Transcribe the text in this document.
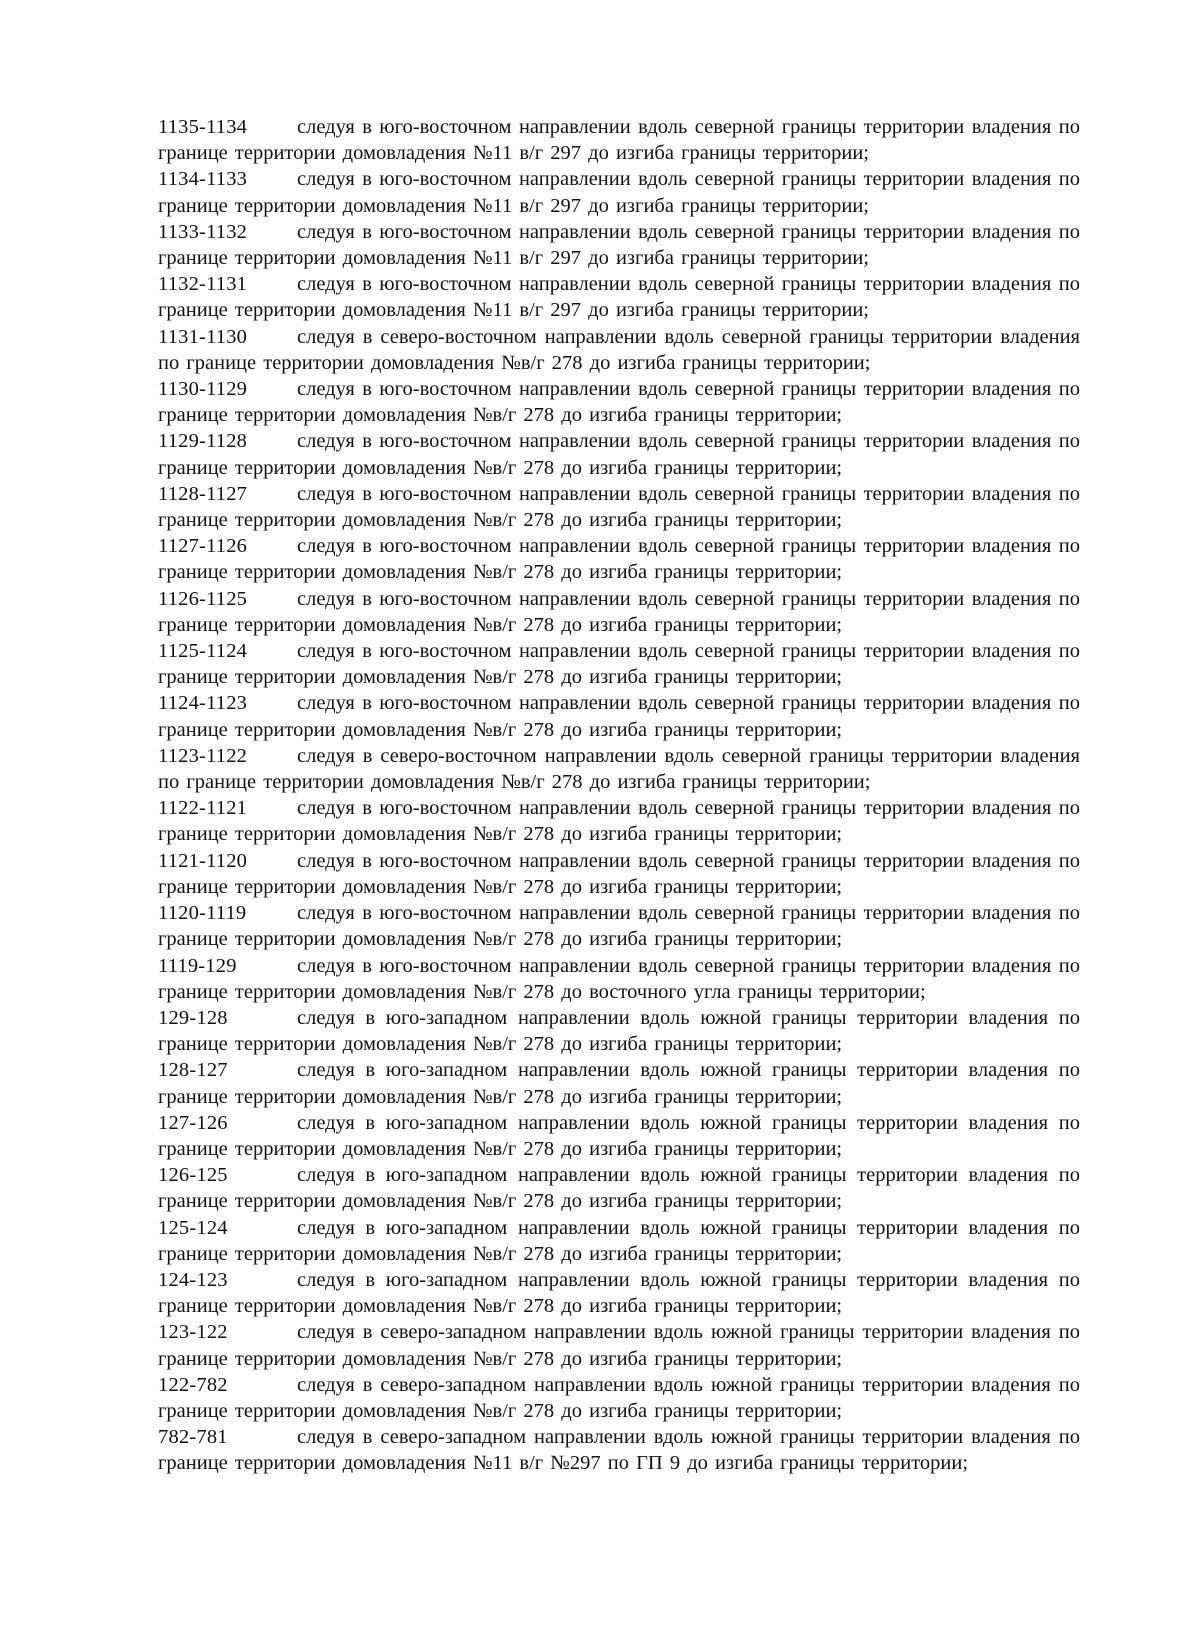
1135-1134 следуя в юго-восточном направлении вдоль северной границы территории владения по границе территории домовладения №11 в/г 297 до изгиба границы территории;

1134-1133 следуя в юго-восточном направлении вдоль северной границы территории владения по границе территории домовладения №11 в/г 297 до изгиба границы территории;

1133-1132 следуя в юго-восточном направлении вдоль северной границы территории владения по границе территории домовладения №11 в/г 297 до изгиба границы территории;

1132-1131 следуя в юго-восточном направлении вдоль северной границы территории владения по границе территории домовладения №11 в/г 297 до изгиба границы территории;

1131-1130 следуя в северо-восточном направлении вдоль северной границы территории владения по границе территории домовладения №в/г 278 до изгиба границы территории;

1130-1129 следуя в юго-восточном направлении вдоль северной границы территории владения по границе территории домовладения №в/г 278 до изгиба границы территории;

1129-1128 следуя в юго-восточном направлении вдоль северной границы территории владения по границе территории домовладения №в/г 278 до изгиба границы территории;

1128-1127 следуя в юго-восточном направлении вдоль северной границы территории владения по границе территории домовладения №в/г 278 до изгиба границы территории;

1127-1126 следуя в юго-восточном направлении вдоль северной границы территории владения по границе территории домовладения №в/г 278 до изгиба границы территории;

1126-1125 следуя в юго-восточном направлении вдоль северной границы территории владения по границе территории домовладения №в/г 278 до изгиба границы территории;

1125-1124 следуя в юго-восточном направлении вдоль северной границы территории владения по границе территории домовладения №в/г 278 до изгиба границы территории;

1124-1123 следуя в юго-восточном направлении вдоль северной границы территории владения по границе территории домовладения №в/г 278 до изгиба границы территории;

1123-1122 следуя в северо-восточном направлении вдоль северной границы территории владения по границе территории домовладения №в/г 278 до изгиба границы территории;

1122-1121 следуя в юго-восточном направлении вдоль северной границы территории владения по границе территории домовладения №в/г 278 до изгиба границы территории;

1121-1120 следуя в юго-восточном направлении вдоль северной границы территории владения по границе территории домовладения №в/г 278 до изгиба границы территории;

1120-1119 следуя в юго-восточном направлении вдоль северной границы территории владения по границе территории домовладения №в/г 278 до изгиба границы территории;

1119-129	следуя в юго-восточном направлении вдоль северной границы территории владения по границе территории домовладения №в/г 278 до восточного угла границы территории;

129-128	следуя в юго-западном направлении вдоль южной границы территории владения по границе территории домовладения №в/г 278 до изгиба границы территории;

128-127	следуя в юго-западном направлении вдоль южной границы территории владения по границе территории домовладения №в/г 278 до изгиба границы территории;

127-126	следуя в юго-западном направлении вдоль южной границы территории владения по границе территории домовладения №в/г 278 до изгиба границы территории;

126-125	следуя в юго-западном направлении вдоль южной границы территории владения по границе территории домовладения №в/г 278 до изгиба границы территории;

125-124	следуя в юго-западном направлении вдоль южной границы территории владения по границе территории домовладения №в/г 278 до изгиба границы территории;

124-123	следуя в юго-западном направлении вдоль южной границы территории владения по границе территории домовладения №в/г 278 до изгиба границы территории;

123-122	следуя в северо-западном направлении вдоль южной границы территории владения по границе территории домовладения №в/г 278 до изгиба границы территории;

122-782	следуя в северо-западном направлении вдоль южной границы территории владения по границе территории домовладения №в/г 278 до изгиба границы территории;

782-781	следуя в северо-западном направлении вдоль южной границы территории владения по границе территории домовладения №11 в/г №297 по ГП 9 до изгиба границы территории;
